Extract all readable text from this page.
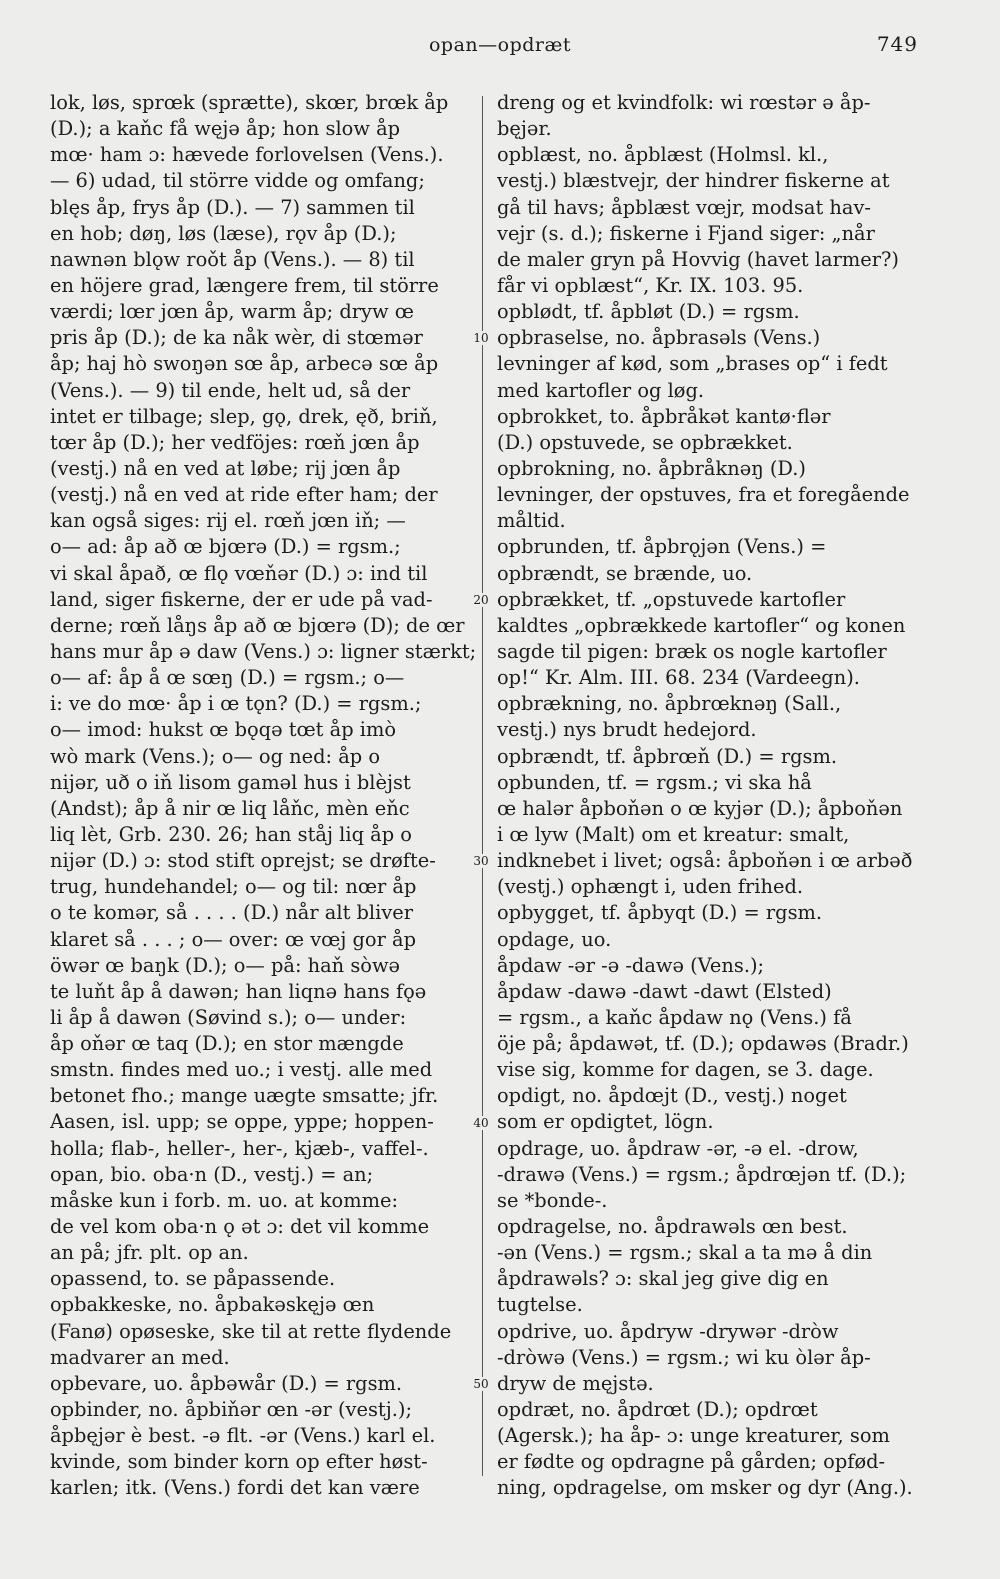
opan—opdræt	749
lok, løs, sprœk (sprætte), skœr, brœk åp
(D.); a kaňc få węjǝ åp; hon slow åp
mœ· ham ɔ: hævede forlovelsen (Vens.).
— 6) udad, til större vidde og omfang;
blęs åp, frys åp (D.). — 7) sammen til
en hob; døŋ, løs (læse), rǫv åp (D.);
nawnǝn blǫw roǒt åp (Vens.). — 8) til
en höjere grad, længere frem, til större
værdi; lœr jœn åp, warm åp; dryw œ
pris åp (D.); de ka nåk wèr, di stœmǝr
åp; haj hò swoŋǝn sœ åp, arbecǝ sœ åp
(Vens.). — 9) til ende, helt ud, så der
intet er tilbage; slep, gǫ, drek, ęð, briň,
tœr åp (D.); her vedföjes: rœň jœn åp
(vestj.) nå en ved at løbe; rij jœn åp
(vestj.) nå en ved at ride efter ham; der
kan også siges: rij el. rœň jœn iň; —
o— ad: åp að œ bjœrǝ (D.) = rgsm.;
vi skal åpað, œ flǫ vœňǝr (D.) ɔ: ind til
land, siger fiskerne, der er ude på vad-
derne; rœň låŋs åp að œ bjœrǝ (D); de œr
hans mur åp ǝ daw (Vens.) ɔ: ligner stærkt;
o— af: åp å œ sœŋ (D.) = rgsm.; o—
i: ve do mœ· åp i œ tǫn? (D.) = rgsm.;
o— imod: hukst œ bǫqǝ tœt åp imò
wò mark (Vens.); o— og ned: åp o
nijǝr, uð o iň lisom gamǝl hus i blèjst
(Andst); åp å nir œ liq låňc, mèn eňc
liq lèt, Grb. 230. 26; han ståj liq åp o
nijǝr (D.) ɔ: stod stift oprejst; se drøfte-
trug, hundehandel; o— og til: nœr åp
o te komǝr, så . . . . (D.) når alt bliver
klaret så . . . ; o— over: œ vœj gor åp
öwǝr œ baŋk (D.); o— på: haň sòwǝ
te luňt åp å dawǝn; han liqnǝ hans fǫǝ
li åp å dawǝn (Søvind s.); o— under:
åp oňǝr œ taq (D.); en stor mængde
smstn. findes med uo.; i vestj. alle med
betonet fho.; mange uægte smsatte; jfr.
Aasen, isl. upp; se oppe, yppe; hoppen-
holla; flab-, heller-, her-, kjæb-, vaffel-.
opan, bio. oba·n (D., vestj.) = an;
måske kun i forb. m. uo. at komme:
de vel kom oba·n ǫ ǝt ɔ: det vil komme
an på; jfr. plt. op an.
opassend, to. se påpassende.
opbakkeske, no. åpbakǝskęjǝ œn
(Fanø) opøseske, ske til at rette flydende
madvarer an med.
opbevare, uo. åpbǝwår (D.) = rgsm.
opbinder, no. åpbiňǝr œn -ǝr (vestj.);
åpbęjǝr è best. -ǝ flt. -ǝr (Vens.) karl el.
kvinde, som binder korn op efter høst-
karlen; itk. (Vens.) fordi det kan være
dreng og et kvindfolk: wi rœstǝr ǝ åp-
bęjǝr.
opblæst, no. åpblæst (Holmsl. kl.,
vestj.) blæstvejr, der hindrer fiskerne at
gå til havs; åpblæst vœjr, modsat hav-
vejr (s. d.); fiskerne i Fjand siger: „når
de maler gryn på Hovvig (havet larmer?)
får vi opblæst“, Kr. IX. 103. 95.
opblødt, tf. åpbløt (D.) = rgsm.
opbraselse, no. åpbrasǝls (Vens.)
levninger af kød, som „brases op“ i fedt
med kartofler og løg.
opbrokket, to. åpbråkǝt kantø·flǝr
(D.) opstuvede, se opbrækket.
opbrokning, no. åpbråknǝŋ (D.)
levninger, der opstuves, fra et foregående
måltid.
opbrunden, tf. åpbrǫjǝn (Vens.) =
opbrændt, se brænde, uo.
opbrækket, tf. „opstuvede kartofler
kaldtes „opbrækkede kartofler“ og konen
sagde til pigen: bræk os nogle kartofler
op!“ Kr. Alm. III. 68. 234 (Vardeegn).
opbrækning, no. åpbrœknǝŋ (Sall.,
vestj.) nys brudt hedejord.
opbrændt, tf. åpbrœň (D.) = rgsm.
opbunden, tf. = rgsm.; vi ska hå
œ halǝr åpboňǝn o œ kyjǝr (D.); åpboňǝn
i œ lyw (Malt) om et kreatur: smalt,
indknebet i livet; også: åpboňǝn i œ arbǝð
(vestj.) ophængt i, uden frihed.
opbygget, tf. åpbyqt (D.) = rgsm.
opdage, uo.
åpdaw -ǝr -ǝ -dawǝ (Vens.);
åpdaw -dawǝ -dawt -dawt (Elsted)
= rgsm., a kaňc åpdaw nǫ (Vens.) få
öje på; åpdawǝt, tf. (D.); opdawǝs (Bradr.)
vise sig, komme for dagen, se 3. dage.
opdigt, no. åpdœjt (D., vestj.) noget
som er opdigtet, lögn.
opdrage, uo. åpdraw -ǝr, -ǝ el. -drow,
-drawǝ (Vens.) = rgsm.; åpdrœjǝn tf. (D.);
se *bonde-.
opdragelse, no. åpdrawǝls œn best.
-ǝn (Vens.) = rgsm.; skal a ta mǝ å din
åpdrawǝls? ɔ: skal jeg give dig en
tugtelse.
opdrive, uo. åpdryw -drywǝr -dròw
-dròwǝ (Vens.) = rgsm.; wi ku òlǝr åp-
dryw de męjstǝ.
opdræt, no. åpdrœt (D.); opdrœt
(Agersk.); ha åp- ɔ: unge kreaturer, som
er fødte og opdragne på gården; opfød-
ning, opdragelse, om msker og dyr (Ang.).
10
20
30
40
50
